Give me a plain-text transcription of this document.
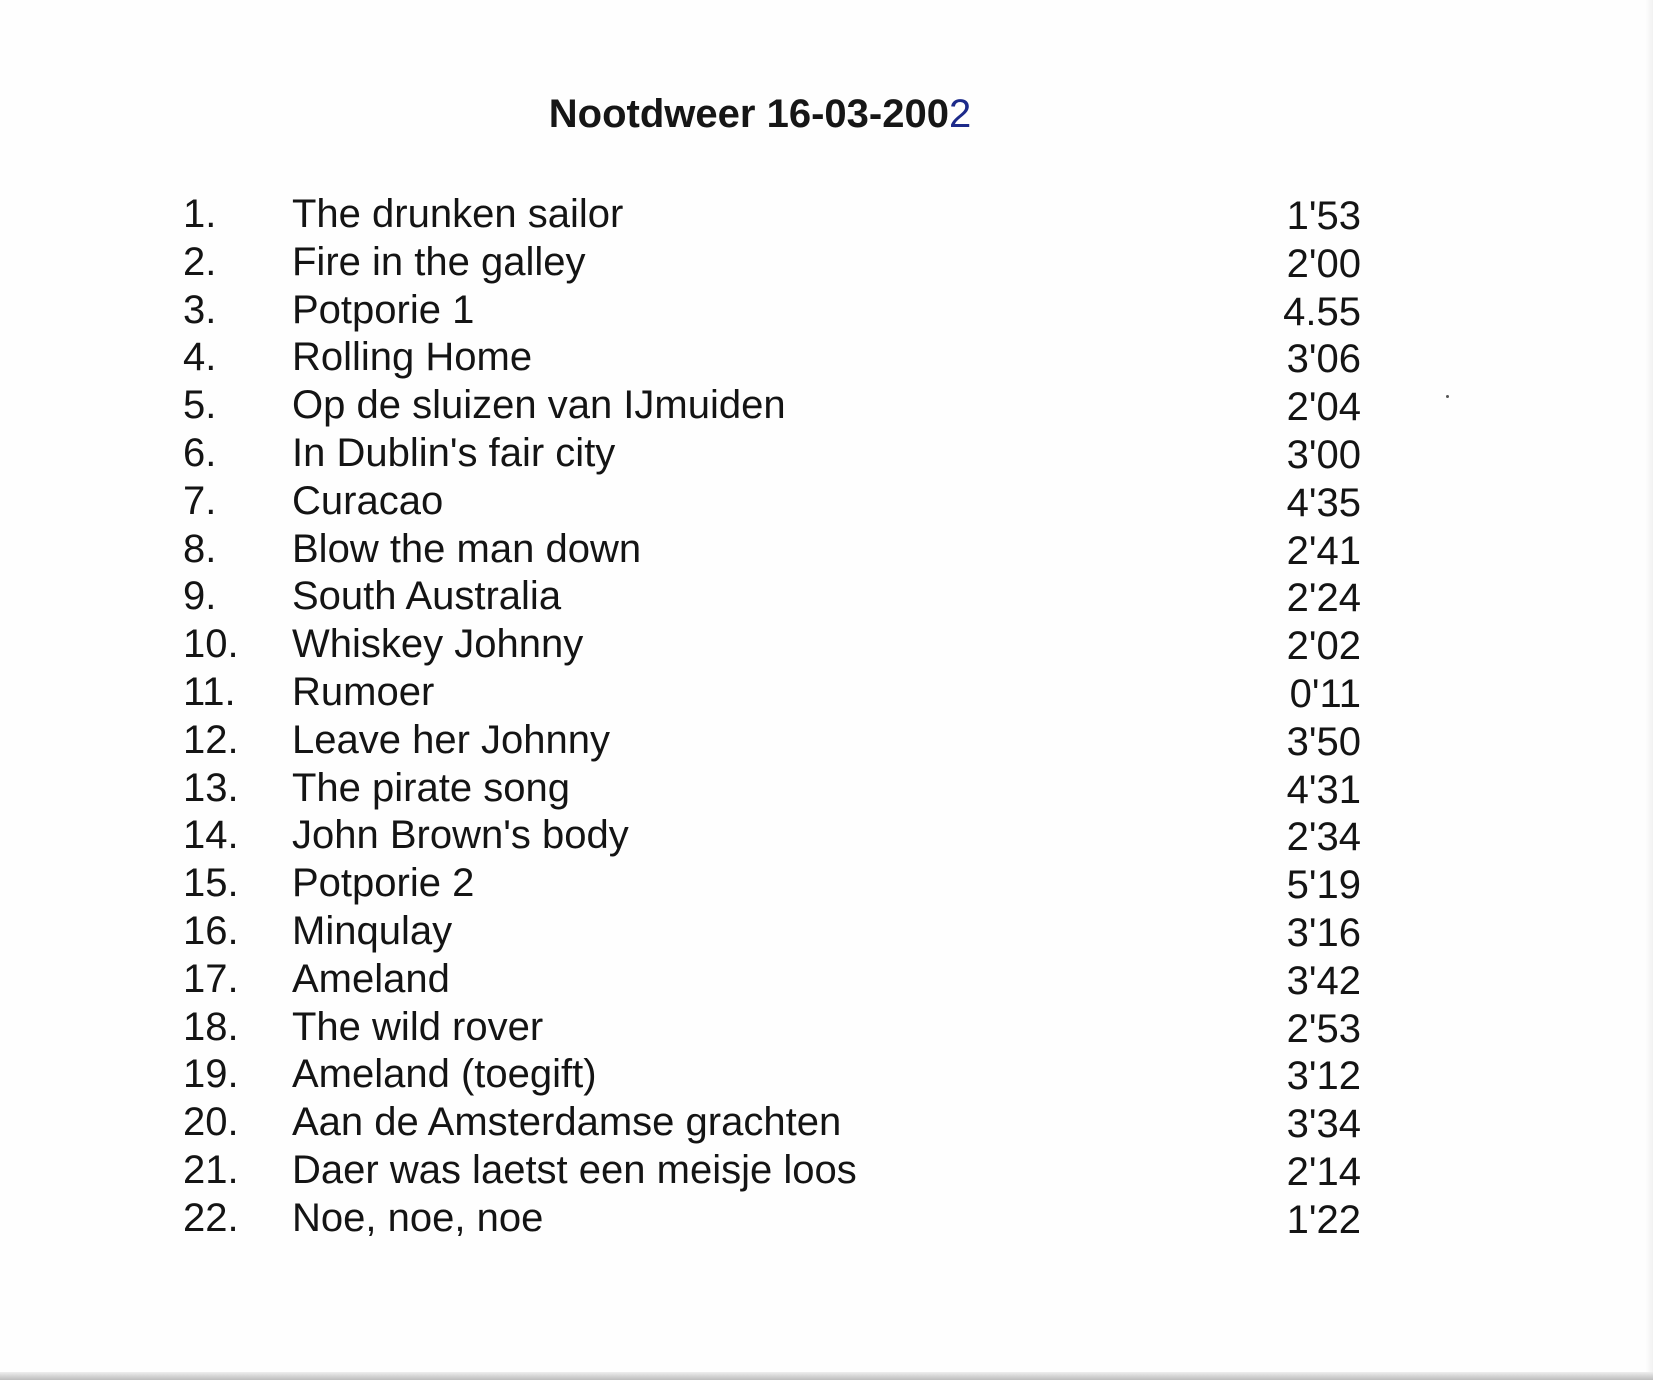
Nootdweer 16-03-2002
1. The drunken sailor	1'53
2. Fire in the galley	2'00
3. Potporie 1	4.55
4. Rolling Home	3'06
5. Op de sluizen van IJmuiden	2'04
6. In Dublin's fair city	3'00
7. Curacao	4'35
8. Blow the man down	2'41
9. South Australia	2'24
10. Whiskey Johnny	2'02
11. Rumoer	0'11
12. Leave her Johnny	3'50
13. The pirate song	4'31
14. John Brown's body	2'34
15. Potporie 2	5'19
16. Minqulay	3'16
17. Ameland	3'42
18. The wild rover	2'53
19. Ameland (toegift)	3'12
20. Aan de Amsterdamse grachten	3'34
21. Daer was laetst een meisje loos	2'14
22. Noe, noe, noe	1'22
